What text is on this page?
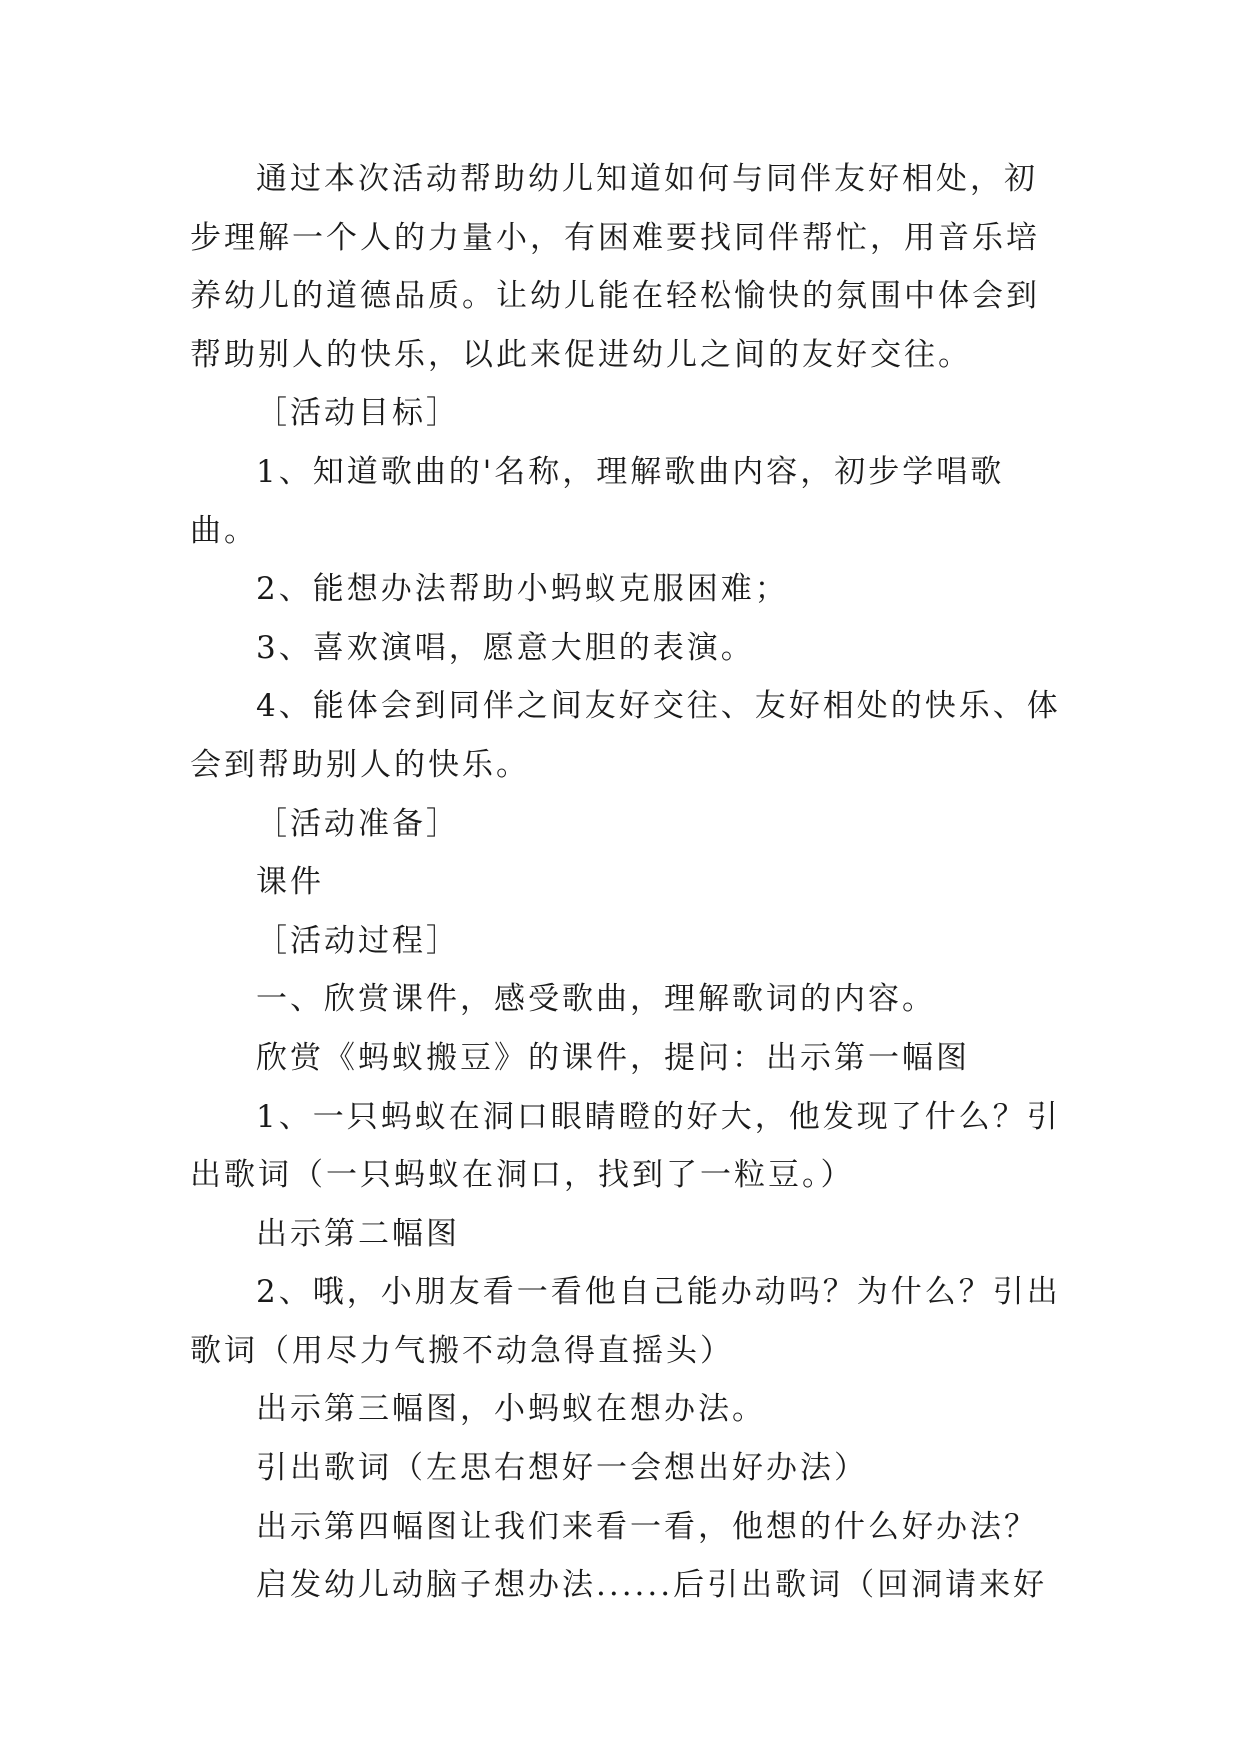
通过本次活动帮助幼儿知道如何与同伴友好相处，初步理解一个人的力量小，有困难要找同伴帮忙，用音乐培养幼儿的道德品质。让幼儿能在轻松愉快的氛围中体会到帮助别人的快乐，以此来促进幼儿之间的友好交往。

［活动目标］

1、知道歌曲的'名称，理解歌曲内容，初步学唱歌曲。

2、能想办法帮助小蚂蚁克服困难；

3、喜欢演唱，愿意大胆的表演。

4、能体会到同伴之间友好交往、友好相处的快乐、体会到帮助别人的快乐。

［活动准备］

课件

［活动过程］

一、欣赏课件，感受歌曲，理解歌词的内容。

欣赏《蚂蚁搬豆》的课件，提问：出示第一幅图

1、一只蚂蚁在洞口眼睛瞪的好大，他发现了什么？引出歌词（一只蚂蚁在洞口，找到了一粒豆。）

出示第二幅图

2、哦，小朋友看一看他自己能办动吗？为什么？引出歌词（用尽力气搬不动急得直摇头）

出示第三幅图，小蚂蚁在想办法。

引出歌词（左思右想好一会想出好办法）

出示第四幅图让我们来看一看，他想的什么好办法？

启发幼儿动脑子想办法......后引出歌词（回洞请来好
